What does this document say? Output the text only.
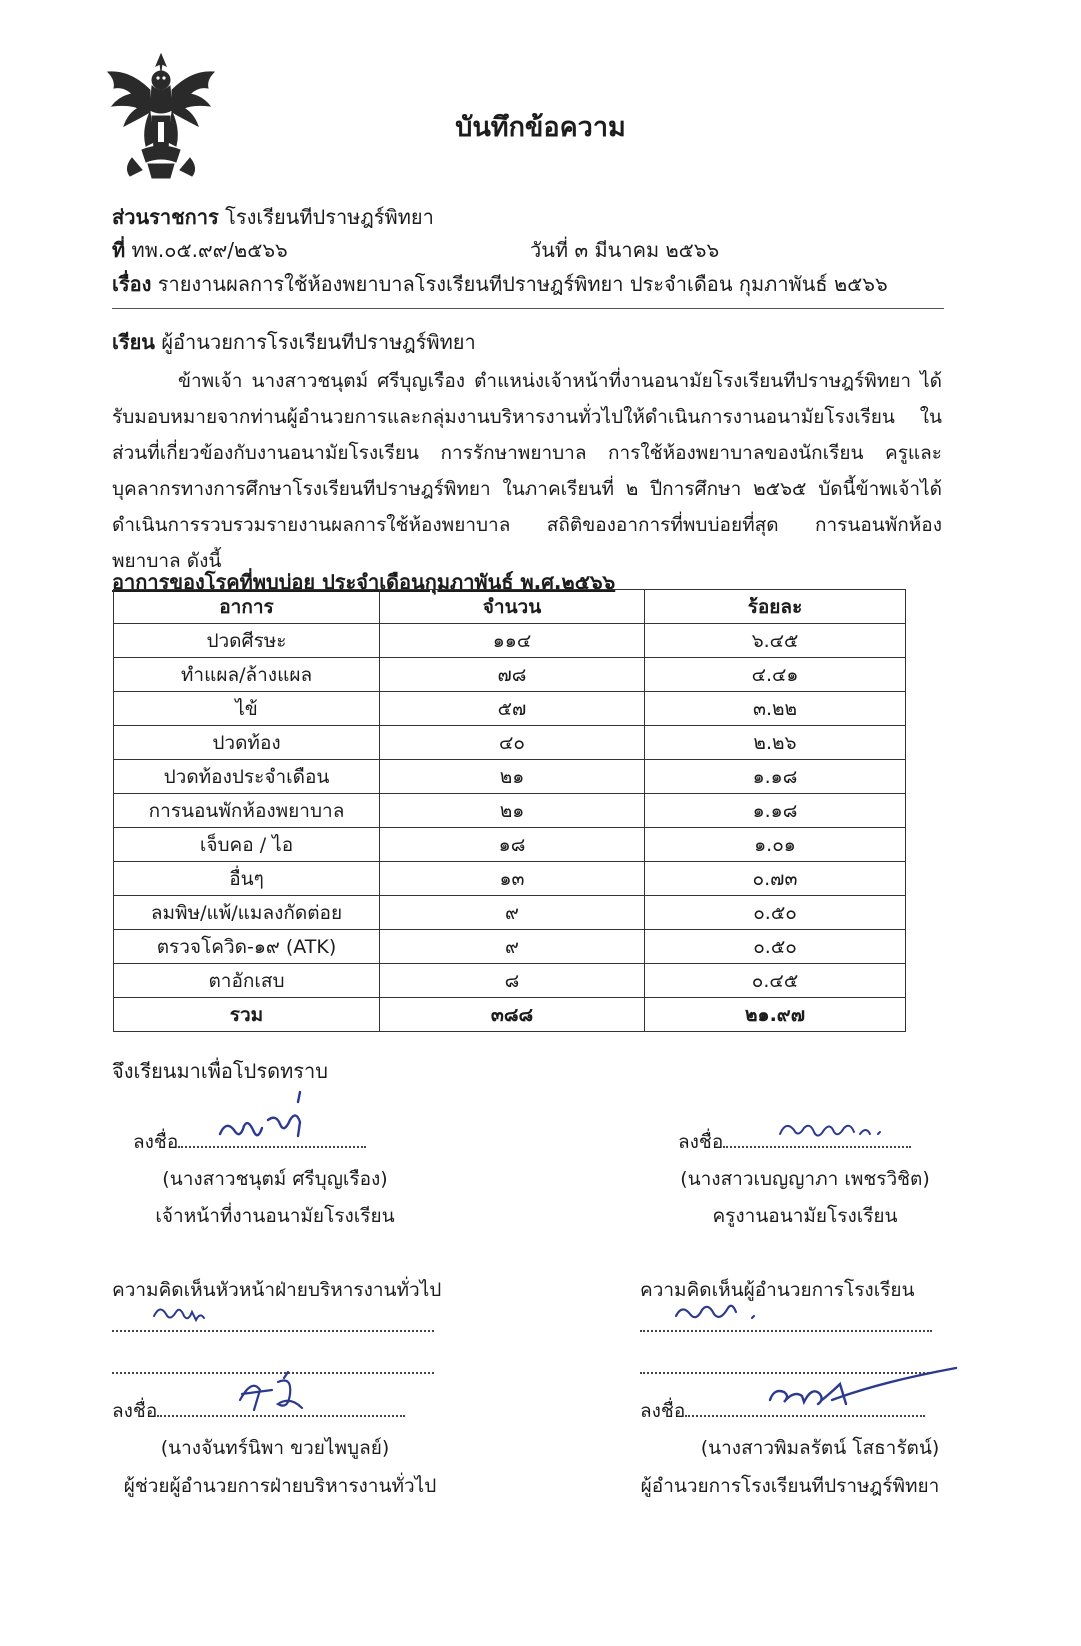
บันทึกข้อความ
ส่วนราชการ โรงเรียนทีปราษฎร์พิทยา
ที่ ทพ.๐๕.๙๙/๒๕๖๖	วันที่ ๓ มีนาคม ๒๕๖๖
เรื่อง รายงานผลการใช้ห้องพยาบาลโรงเรียนทีปราษฎร์พิทยา ประจำเดือน กุมภาพันธ์ ๒๕๖๖
เรียน ผู้อำนวยการโรงเรียนทีปราษฎร์พิทยา
ข้าพเจ้า นางสาวชนุตม์ ศรีบุญเรือง ตำแหน่งเจ้าหน้าที่งานอนามัยโรงเรียนทีปราษฎร์พิทยา ได้รับมอบหมายจากท่านผู้อำนวยการและกลุ่มงานบริหารงานทั่วไปให้ดำเนินการงานอนามัยโรงเรียน ในส่วนที่เกี่ยวข้องกับงานอนามัยโรงเรียน การรักษาพยาบาล การใช้ห้องพยาบาลของนักเรียน ครูและบุคลากรทางการศึกษาโรงเรียนทีปราษฎร์พิทยา ในภาคเรียนที่ ๒ ปีการศึกษา ๒๕๖๕ บัดนี้ข้าพเจ้าได้ดำเนินการรวบรวมรายงานผลการใช้ห้องพยาบาล สถิติของอาการที่พบบ่อยที่สุด การนอนพักห้องพยาบาล ดังนี้
อาการของโรคที่พบบ่อย ประจำเดือนกุมภาพันธ์ พ.ศ.๒๕๖๖
อาการ	จำนวน	ร้อยละ
ปวดศีรษะ	๑๑๔	๖.๔๕
ทำแผล/ล้างแผล	๗๘	๔.๔๑
ไข้	๕๗	๓.๒๒
ปวดท้อง	๔๐	๒.๒๖
ปวดท้องประจำเดือน	๒๑	๑.๑๘
การนอนพักห้องพยาบาล	๒๑	๑.๑๘
เจ็บคอ / ไอ	๑๘	๑.๐๑
อื่นๆ	๑๓	๐.๗๓
ลมพิษ/แพ้/แมลงกัดต่อย	๙	๐.๕๐
ตรวจโควิด-๑๙ (ATK)	๙	๐.๕๐
ตาอักเสบ	๘	๐.๔๕
รวม	๓๘๘	๒๑.๙๗
จึงเรียนมาเพื่อโปรดทราบ
ลงชื่อ
(นางสาวชนุตม์ ศรีบุญเรือง)
เจ้าหน้าที่งานอนามัยโรงเรียน
ลงชื่อ
(นางสาวเบญญาภา เพชรวิชิต)
ครูงานอนามัยโรงเรียน
ความคิดเห็นหัวหน้าฝ่ายบริหารงานทั่วไป
ลงชื่อ
(นางจันทร์นิพา ขวยไพบูลย์)
ผู้ช่วยผู้อำนวยการฝ่ายบริหารงานทั่วไป
ความคิดเห็นผู้อำนวยการโรงเรียน
ลงชื่อ
(นางสาวพิมลรัตน์ โสธารัตน์)
ผู้อำนวยการโรงเรียนทีปราษฎร์พิทยา
